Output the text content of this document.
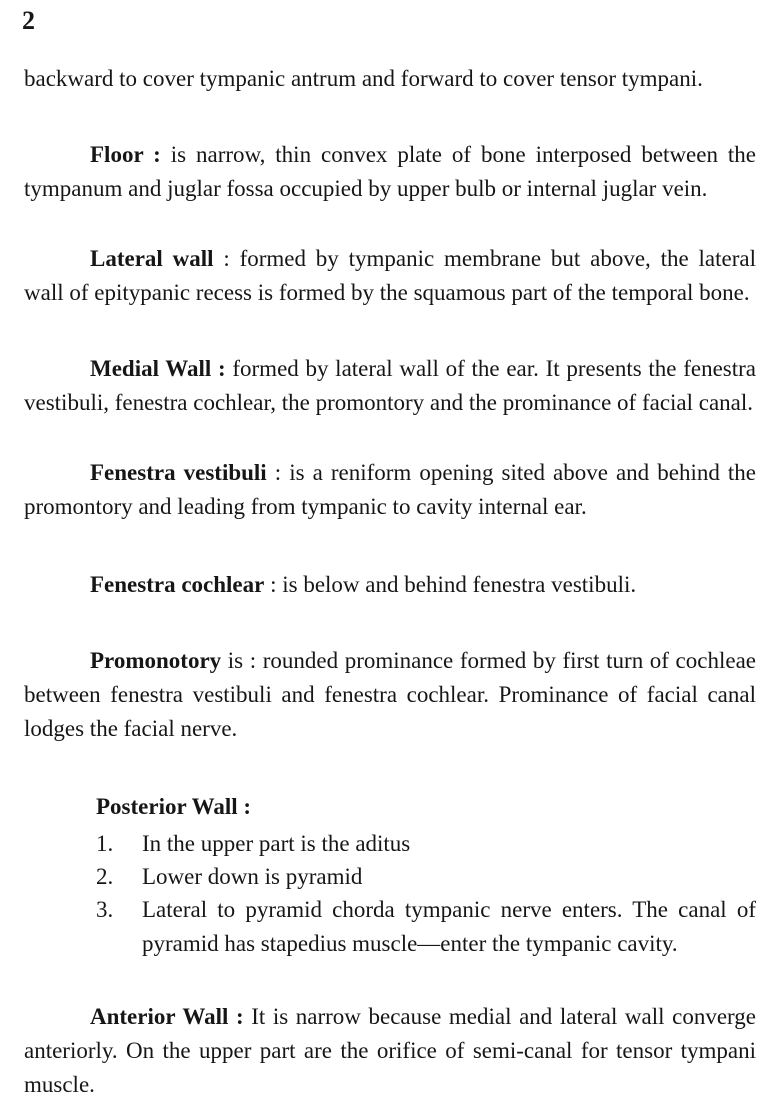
2

backward to cover tympanic antrum and forward to cover tensor tympani.

Floor : is narrow, thin convex plate of bone interposed between the tympanum and juglar fossa occupied by upper bulb or internal juglar vein.

Lateral wall : formed by tympanic membrane but above, the lateral wall of epitypanic recess is formed by the squamous part of the temporal bone.

Medial Wall : formed by lateral wall of the ear. It presents the fenestra vestibuli, fenestra cochlear, the promontory and the prominance of facial canal.

Fenestra vestibuli : is a reniform opening sited above and behind the promontory and leading from tympanic to cavity internal ear.

Fenestra cochlear : is below and behind fenestra vestibuli.

Promonotory is : rounded prominance formed by first turn of cochleae between fenestra vestibuli and fenestra cochlear. Prominance of facial canal lodges the facial nerve.

Posterior Wall :

1. In the upper part is the aditus
2. Lower down is pyramid
3. Lateral to pyramid chorda tympanic nerve enters. The canal of pyramid has stapedius muscle—enter the tympanic cavity.

Anterior Wall : It is narrow because medial and lateral wall converge anteriorly. On the upper part are the orifice of semi-canal for tensor tympani muscle.
